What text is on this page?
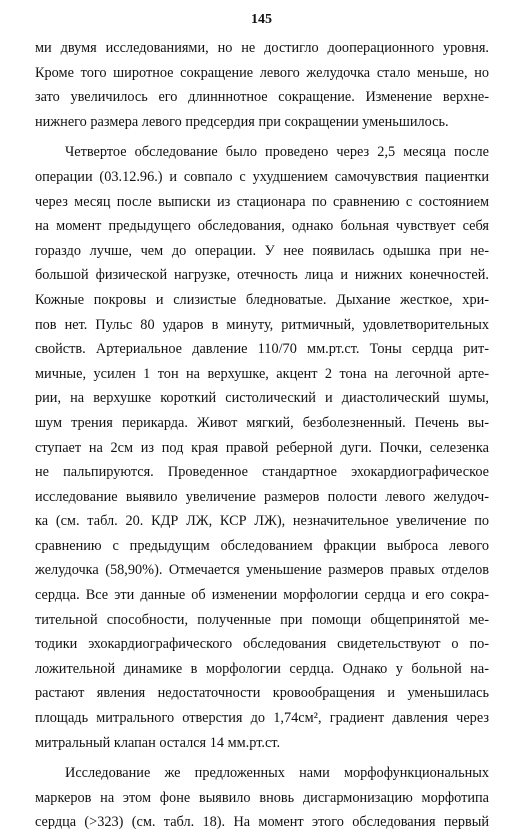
145
ми двумя исследованиями, но не достигло дооперационного уровня.
Кроме того широтное сокращение левого желудочка стало меньше, но
зато увеличилось его длинннотное сокращение. Изменение верхне-
нижнего размера левого предсердия при сокращении уменьшилось.
Четвертое обследование было проведено через 2,5 месяца после
операции (03.12.96.) и совпало с ухудшением самочувствия пациентки
через месяц после выписки из стационара по сравнению с состоянием
на момент предыдущего обследования, однако больная чувствует себя
гораздо лучше, чем до операции. У нее появилась одышка при не-
большой физической нагрузке, отечность лица и нижних конечностей.
Кожные покровы и слизистые бледноватые. Дыхание жесткое, хри-
пов нет. Пульс 80 ударов в минуту, ритмичный, удовлетворительных
свойств. Артериальное давление 110/70 мм.рт.ст. Тоны сердца рит-
мичные, усилен 1 тон на верхушке, акцент 2 тона на легочной арте-
рии, на верхушке короткий систолический и диастолический шумы,
шум трения перикарда. Живот мягкий, безболезненный. Печень вы-
ступает на 2см из под края правой реберной дуги. Почки, селезенка
не пальпируются. Проведенное стандартное эхокардиографическое
исследование выявило увеличение размеров полости левого желудоч-
ка (см. табл. 20. КДР ЛЖ, КСР ЛЖ), незначительное увеличение по
сравнению с предыдущим обследованием фракции выброса левого
желудочка (58,90%). Отмечается уменьшение размеров правых отделов
сердца. Все эти данные об изменении морфологии сердца и его сокра-
тительной способности, полученные при помощи общепринятой ме-
тодики эхокардиографического обследования свидетельствуют о по-
ложительной динамике в морфологии сердца. Однако у больной на-
растают явления недостаточности кровообращения и уменьшилась
площадь митрального отверстия до 1,74см², градиент давления через
митральный клапан остался 14 мм.рт.ст.
Исследование же предложенных нами морфофункциональных
маркеров на этом фоне выявило вновь дисгармонизацию морфотипа
сердца (>323) (см. табл. 18). На момент этого обследования первый
